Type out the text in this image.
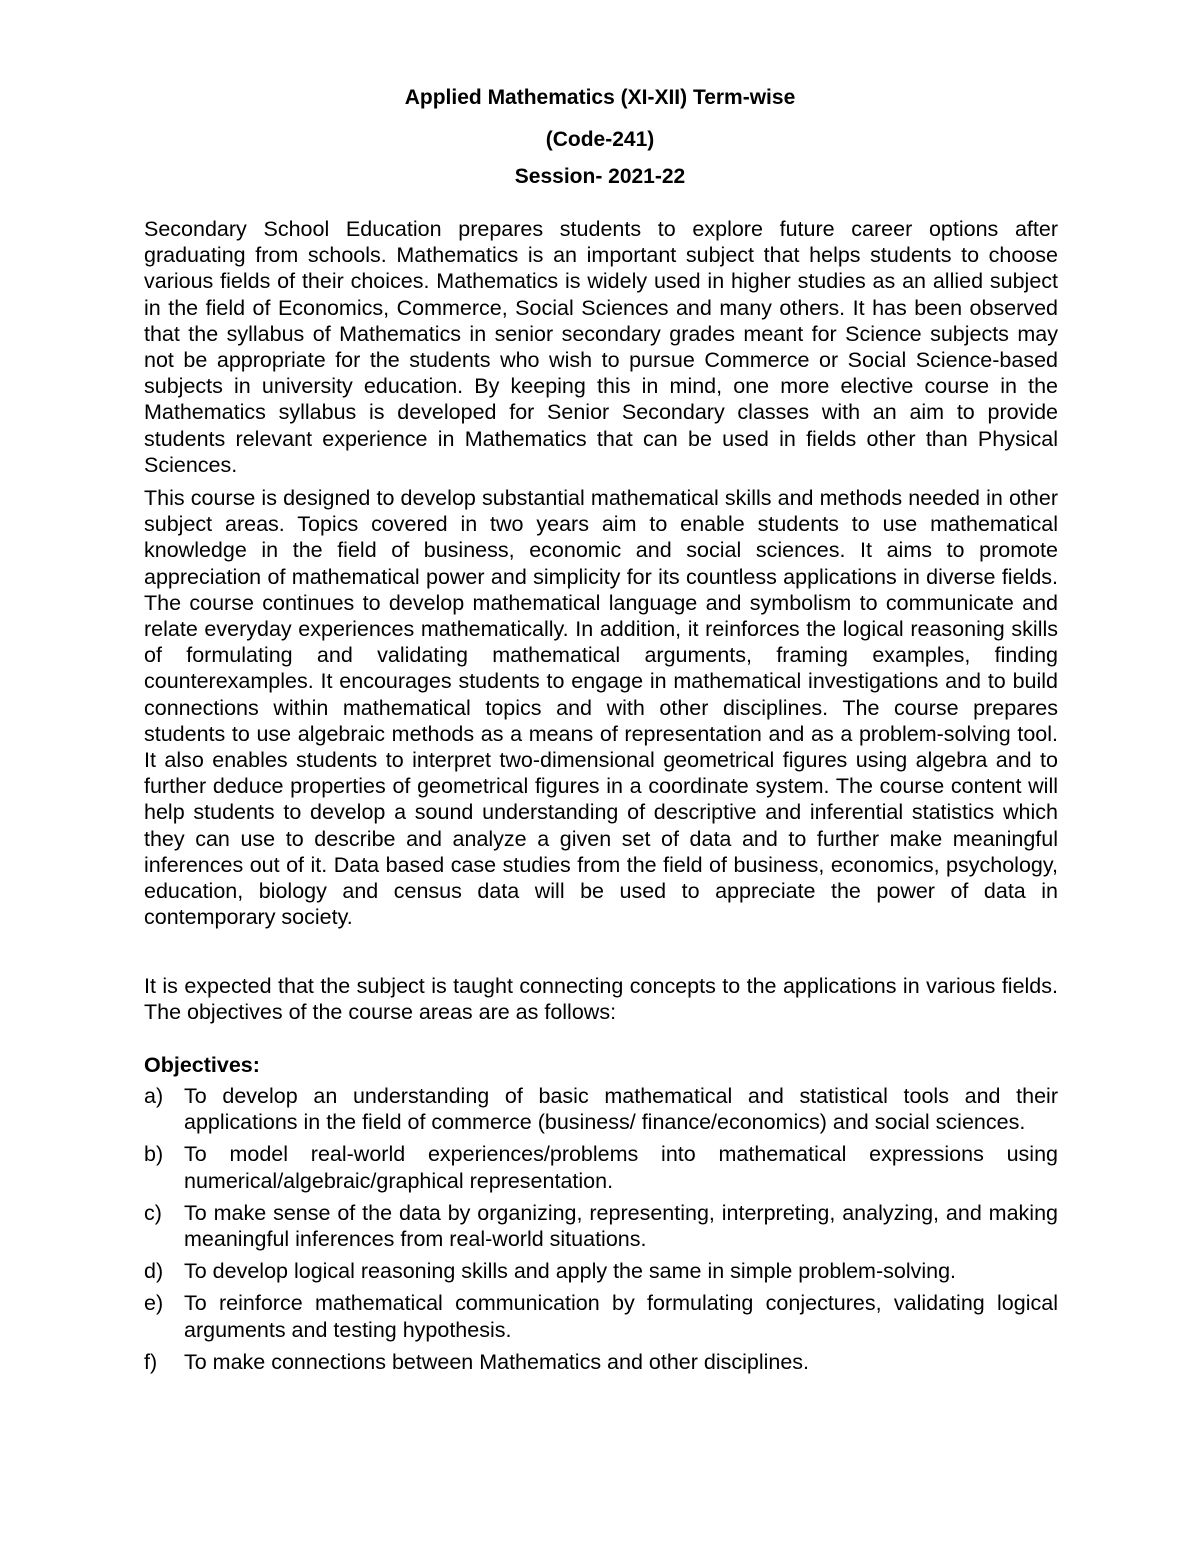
Applied Mathematics (XI-XII) Term-wise
(Code-241)
Session- 2021-22

Secondary School Education prepares students to explore future career options after graduating from schools. Mathematics is an important subject that helps students to choose various fields of their choices. Mathematics is widely used in higher studies as an allied subject in the field of Economics, Commerce, Social Sciences and many others. It has been observed that the syllabus of Mathematics in senior secondary grades meant for Science subjects may not be appropriate for the students who wish to pursue Commerce or Social Science-based subjects in university education. By keeping this in mind, one more elective course in the Mathematics syllabus is developed for Senior Secondary classes with an aim to provide students relevant experience in Mathematics that can be used in fields other than Physical Sciences.

This course is designed to develop substantial mathematical skills and methods needed in other subject areas. Topics covered in two years aim to enable students to use mathematical knowledge in the field of business, economic and social sciences. It aims to promote appreciation of mathematical power and simplicity for its countless applications in diverse fields. The course continues to develop mathematical language and symbolism to communicate and relate everyday experiences mathematically. In addition, it reinforces the logical reasoning skills of formulating and validating mathematical arguments, framing examples, finding counterexamples. It encourages students to engage in mathematical investigations and to build connections within mathematical topics and with other disciplines. The course prepares students to use algebraic methods as a means of representation and as a problem-solving tool. It also enables students to interpret two-dimensional geometrical figures using algebra and to further deduce properties of geometrical figures in a coordinate system. The course content will help students to develop a sound understanding of descriptive and inferential statistics which they can use to describe and analyze a given set of data and to further make meaningful inferences out of it. Data based case studies from the field of business, economics, psychology, education, biology and census data will be used to appreciate the power of data in contemporary society.

It is expected that the subject is taught connecting concepts to the applications in various fields. The objectives of the course areas are as follows:

Objectives:
a) To develop an understanding of basic mathematical and statistical tools and their applications in the field of commerce (business/ finance/economics) and social sciences.
b) To model real-world experiences/problems into mathematical expressions using numerical/algebraic/graphical representation.
c)	To make sense of the data by organizing, representing, interpreting, analyzing, and making meaningful inferences from real-world situations.
d) To develop logical reasoning skills and apply the same in simple problem-solving.
e) To reinforce mathematical communication by formulating conjectures, validating logical arguments and testing hypothesis.
f)	To make connections between Mathematics and other disciplines.
